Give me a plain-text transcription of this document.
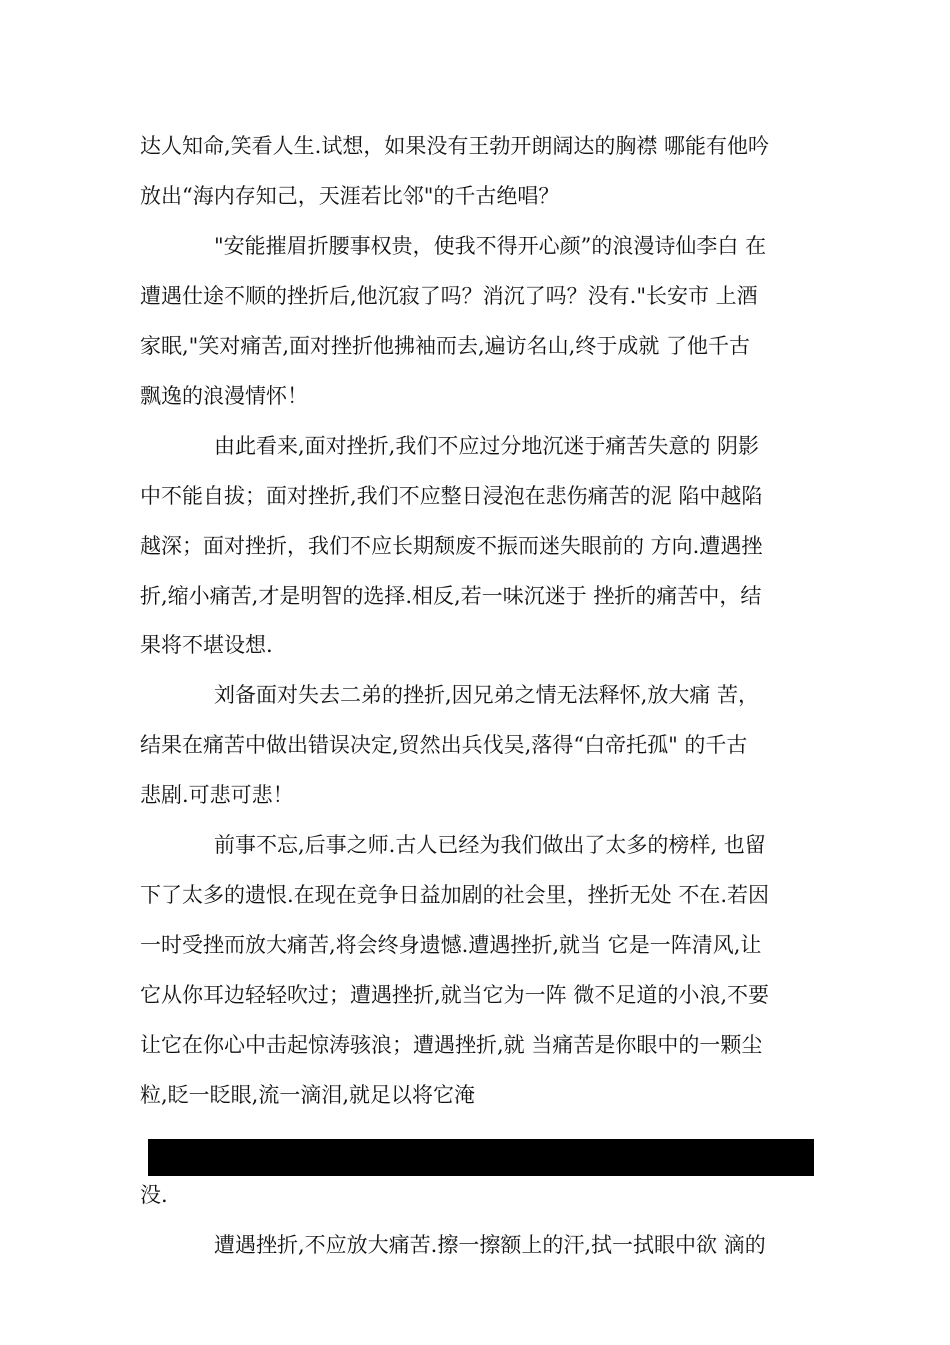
达人知命,笑看人生.试想，如果没有王勃开朗阔达的胸襟 哪能有他吟
放出“海内存知己，天涯若比邻"的千古绝唱？
"安能摧眉折腰事权贵，使我不得开心颜”的浪漫诗仙李白 在
遭遇仕途不顺的挫折后,他沉寂了吗？消沉了吗？没有."长安市 上酒
家眠,"笑对痛苦,面对挫折他拂袖而去,遍访名山,终于成就 了他千古
飘逸的浪漫情怀！
由此看来,面对挫折,我们不应过分地沉迷于痛苦失意的 阴影
中不能自拔；面对挫折,我们不应整日浸泡在悲伤痛苦的泥 陷中越陷
越深；面对挫折，我们不应长期颓废不振而迷失眼前的 方向.遭遇挫
折,缩小痛苦,才是明智的选择.相反,若一味沉迷于 挫折的痛苦中，结
果将不堪设想.
刘备面对失去二弟的挫折,因兄弟之情无法释怀,放大痛 苦，
结果在痛苦中做出错误决定,贸然出兵伐吴,落得“白帝托孤" 的千古
悲剧.可悲可悲！
前事不忘,后事之师.古人已经为我们做出了太多的榜样, 也留
下了太多的遗恨.在现在竞争日益加剧的社会里，挫折无处 不在.若因
一时受挫而放大痛苦,将会终身遗憾.遭遇挫折,就当 它是一阵清风,让
它从你耳边轻轻吹过；遭遇挫折,就当它为一阵 微不足道的小浪,不要
让它在你心中击起惊涛骇浪；遭遇挫折,就 当痛苦是你眼中的一颗尘
粒,眨一眨眼,流一滴泪,就足以将它淹
没.
遭遇挫折,不应放大痛苦.擦一擦额上的汗,拭一拭眼中欲 滴的
